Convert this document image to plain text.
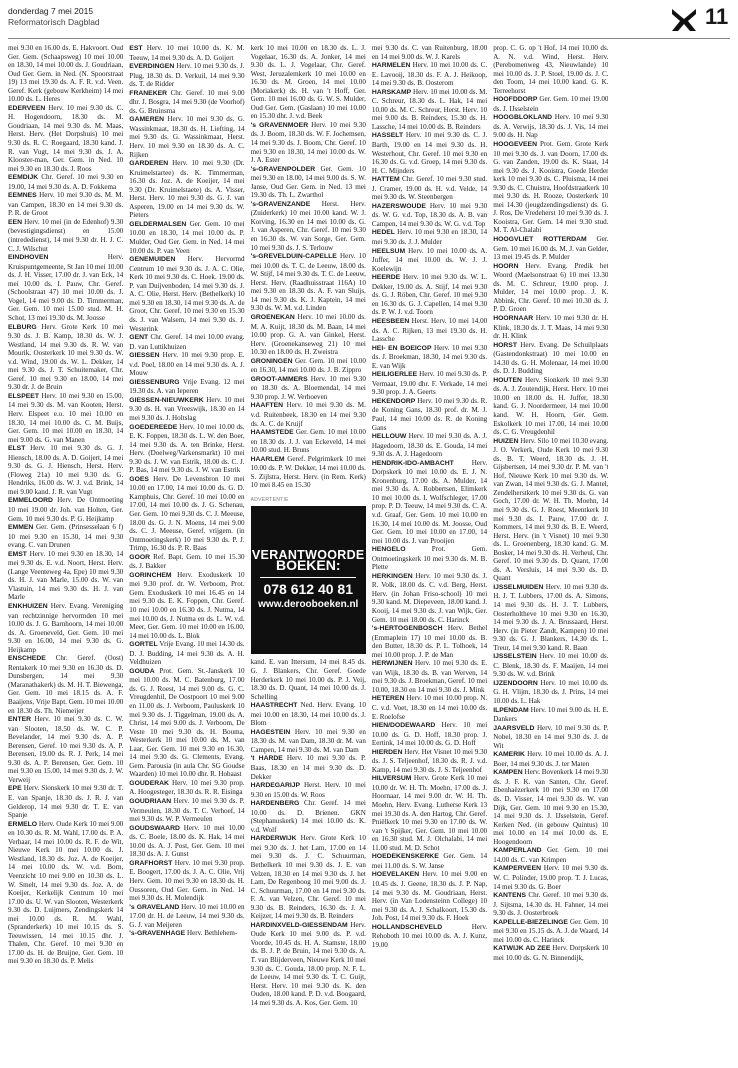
donderdag 7 mei 2015
Reformatorisch Dagblad	11

mei 9.30 en 16.00 ds. E. Hakvoort. Oud Ger. Gem. (Schaapsweg) 10 mei 10.00 en 18.30, 14 mei 10.00 ds. J. Goudriaan, Oud Ger. Gem. in Ned. (N. Spoorstraat 19) 13 mei 19.30 ds. A. F. R. v.d. Veen. Geref. Kerk (gebouw Kerkheim) 14 mei 10.00 ds. L. Heres

EDERVEEN Herv. 10 mei 9.30 ds. C. H. Hogendoorn, 18.30 ds. M. Goudriaan, 14 mei 9.30 ds. M. Maas, Herst. Herv. (Het Dorpshuis) 10 mei 9.30 ds. R. C. Roegaard, 18.30 kand. J. R. van Vugt, 14 mei 9.30 ds. J. A. Klooster-man, Ger. Gem. in Ned. 10 mei 9.30 en 18.30 ds. J. Roos

EEMDIJK Chr. Geref. 10 mei 9.30 en 19.00, 14 mei 9.30 ds. A. D. Fokkema

EEMNES Herv. 10 mei 9.30 ds. M. M. van Campen, 18.30 en 14 mei 9.30 ds. P. R. de Groot

EEN Herv. 10 mei (in de Edenhof) 9.30 (bevestigingsdienst) en 15.00 (intrededienst), 14 mei 9.30 dr. H. J. C. C. J. Wilschut

EINDHOVEN	Herv. Kruispuntgemeente, St Jan 10 mei 10.00 ds. J. H. Visser, 17.00 dr. J. van Eck, 14 mei 10.00 ds. I. Pauw, Chr. Geref. (Schoolstraat 47) 10 mei 10.00 ds. J. Vogel, 14 mei 9.00 ds. D. Timmerman, Ger. Gem. 10 mei 15.00 stud. M. H. Schot, 13 mei 19.30 ds. M. Joosse

ELBURG Herv. Grote Kerk 10 mei 9.30 ds. J. B. Kamp, 18.30 ds. W. J. Westland, 14 mei 9.30 ds. R. W. van Mourik, Oosterkerk 10 mei 9.30 ds. W. v.d. Wind, 19.00 ds. W. L. Dekker, 14 mei 9.30 ds. J. T. Schuitemaker, Chr. Geref. 10 mei 9.30 en 18.00, 14 mei 9.30 dr. J. de Bruin

ELSPEET Herv. 10 mei 9.30 en 15.00, 14 mei 9.30 ds. M. van Kooten, Herst. Herv. Elspeet e.o. 10 mei 10.00 en 18.30, 14 mei 10.00 ds. C. M. Buijs, Ger. Gem. 10 mei 10.00 en 18.30, 14 mei 9.00 ds. G. van Manen

ELST Herv. 10 mei 9.30 ds. G. J. Hiensch, 18.00 ds. A. D. Goijert, 14 mei 9.30 ds. G. J. Hiensch, Herst. Herv. (Floweg 21a) 10 mei 9.30 ds. G. Hendriks, 16.00 ds. W. J. v.d. Brink, 14 mei 9.00 kand. J. R. van Vugt

EMMELOORD Herv. De Ontmoeting 10 mei 19.00 dr. Joh. van Holten, Ger. Gem. 10 mei 9.30 ds. P. G. Heijkamp

EMMEN Ger. Gem. (Prinsesselaan 6 f) 10 mei 9.30 en 15.30, 14 mei 9.30 evang. C. van Drunen

EMST Herv. 10 mei 9.30 en 18.30, 14 mei 9.30 ds. E. v.d. Noort, Herst. Herv. (Lange Veenteweg 4a, Epe) 10 mei 9.30 ds. H. J. van Marle, 15.00 ds. W. van Vlastuin, 14 mei 9.30 ds. H. J. van Marle

ENKHUIZEN Herv. Evang. Vereniging van rechtzinnige hervormden 10 mei 10.00 ds. J. G. Barnhoorn, 14 mei 10.00 ds. A. Groeneveld, Ger. Gem. 10 mei 9.30 en 16.00, 14 mei 9.30 ds. G. Heijkamp

ENSCHEDE Chr. Geref. (Oost) Rentakerk 10 mei 9.30 en 16.30 ds. D. Dunsbergen, 14 mei 9.30 (Maranathakerk) ds. M. H. T. Biewenga, Ger. Gem. 10 mei 18.15 ds. A. F. Baaijens, Vrije Bapt. Gem. 10 mei 10.00 en 18.30 ds. Th. Niemeijer

ENTER Herv. 10 mei 9.30 ds. C. W. van Slooten, 18.50 ds. W. C. P. Bevelander, 14 mei 9.30 ds. A. P. Berensen, Geref. 10 mei 9.30 ds. A. P. Berensen, 19.00 ds. R. J. Perk, 14 mei 9.30 ds. A. P. Berensen, Ger. Gem. 10 mei 9.30 en 15.00, 14 mei 9.30 ds. J. W. Verweij

EPE Herv. Sionskerk 10 mei 9.30 dr. T. E. van Spanje, 18.30 ds. J. R. J. van Gelderop, 14 mei 9.30 dr. T. E. van Spanje

ERMELO Herv. Oude Kerk 10 mei 9.00 en 10.30 ds. R. M. Wahl, 17.00 ds. P. A. Verhaar, 14 mei 10.00 ds. R. F. de Wit, Nieuwe Kerk 10 mei 10.00 ds. J. Westland, 18.30 ds. Joz. A. de Koeijer, 14 mei 10.00 ds. W. v.d. Born, Veenzicht 10 mei 9.00 en 10.30 ds. L. W. Smelt, 14 mei 9.30 ds. Joz. A. de Koeijer, Kerkelijk Centrum 10 mei 17.00 ds. U. W. van Slooten, Westerkerk 9.30 ds. D. Luijmers, Zendingskerk 14 mei 10.00 ds. R. M. Wahl, (Spranderkerk) 10 mei 10.15 ds. S. Teeuwissen, 14 mei 10.15 dhr. J. Thalen, Chr. Geref. 10 mei 9.30 en 17.00 ds. H. de Bruijne, Ger. Gem. 10 mei 9.30 en 18.30 ds. P. Melis

EST Herv. 10 mei 10.00 ds. K. M. Teeuw, 14 mei 9.30 ds. A. D. Goijert

EVERDINGEN Herv. 10 mei 9.30 ds. J. Plug, 18.30 ds. D. Verkuil, 14 mei 9.30 ds. T. de Ridder

FRANEKER Chr. Geref. 10 mei 9.00 dhr. J. Bosgra, 14 mei 9.30 (de Voorhof) ds. G. Bruinsma

GAMEREN Herv. 10 mei 9.30 ds. G. Wassinkmaat, 18.30 ds. H. Liefting, 14 mei 9.30 ds. G. Wassinkmaat, Herst. Herv. 10 mei 9.30 en 18.30 ds. A. C. Rijken

GARDEREN Herv. 10 mei 9.30 (Dr. Kruimelstartee) ds. K. Timmerman, 16.30 ds. Joz. A. de Koeijer, 14 mei 9.30 (Dr. Kruimelstaete) ds. A. Visser, Herst. Herv. 10 mei 9.30 ds. G. J. van Asperen, 19.00 en 14 mei 9.30 ds. W. Pieters

GELDERMALSEN Ger. Gem. 10 mei 10.00 en 18.30, 14 mei 10.00 ds. P. Mulder, Oud Ger. Gem. in Ned. 14 mei 10.00 ds. P. van Veen

GENEMUIDEN Herv. Hervormd Centrum 10 mei 9.30 ds. J. A. C. Olie, Kerk 10 mei 9.30 ds. C. Hoek. 19.00 ds. P. van Duijvenboden, 14 mei 9.30 ds. J. A. C. Olie, Herst. Herv. (Bethelkerk) 10 mei 9.30 en 18.30, 14 mei 9.30 ds. A. de Groot, Chr. Geref. 10 mei 9.30 en 15.30 ds. J. van Walsem, 14 mei 9.30 ds. J. Westerink

GENT Chr. Geref. 14 mei 10.00 evang. D. van Luttikhuizen

GIESSEN Herv. 10 mei 9.30 prop. E. v.d. Poel, 18.00 en 14 mei 9.30 ds. A. J. Mouw

GIESSENBURG Vrije Evang. 12 mei 19.30 ds. A. van Ieperen

GIESSEN-NIEUWKERK Herv. 10 mei 9.30 ds. H. van Vreeswijk, 18.30 en 14 mei 9.30 ds. J. Holtslag

GOEDEREEDE Herv. 10 mei 10.00 ds. E. K. Foppen, 18.30 ds. L. W. den Boer, 14 mei 9.30 ds. A. ten Brinke, Herst. Herv. (Doelweg/Varkensmarkt) 10 mei 9.30 ds. J. W. van Estrik, 18.00 ds. C. J. P. Bas, 14 mei 9.30 ds. J. W. van Estrik

GOES Herv. De Levensbron 10 mei 10.00 en 17.00, 14 mei 10.00 ds. G. D. Kamphuis, Chr. Geref. 10 mei 10.00 en 17.00, 14 mei 10.00 ds. J. G. Schenau, Ger. Gem. 10 mei 9.30 ds. C. J. Meeuse, 18.00 ds. G. J. N. Moens, 14 mei 9.00 ds. C. J. Meeuse, Geref. vrijgem. (in Ontmoetingskerk) 10 mei 9.30 ds. P. J. Trimp, 16.30 ds. P. R. Baas

GOOR Ref. Bapt. Gem. 10 mei 15.30 ds. J. Bakker

GORINCHEM Herv. Exoduskerk 10 mei 9.30 prof. dr. W. Verboom, Prot. Gem. Exoduskerk 10 mei 16.45 en 14 mei 9.30 ds. E. K. Foppen, Chr. Geref. 10 mei 10.00 en 16.30 ds. J. Nutma, 14 mei 10.00 ds. J. Nutma en ds. L. W. v.d. Meer, Ger. Gem. 10 mei 10.00 en 16.00, 14 mei 10.00 ds. L. Blok

GORTEL Vrije Evang. 10 mei 14.30 ds. D. J. Budding, 14 mei 9.30 ds. A. H. Veldhuizen

GOUDA Prot. Gem. St.-Janskerk 10 mei 10.00 ds. M. C. Batenburg, 17.00 ds. G. J. Roest, 14 mei 9.00 ds. G. C. Vreugdenhil, De Oostpoort 10 mei 9.00 en 11.00 ds. J. Verboom, Pauluskerk 10 mei 9.30 ds. J. Tiggelman, 19.00 ds. A. Christ, 14 mei 9.00 ds. J. Verboom, De Veste 10 mei 9.30 ds. H. Bouma, Westerkerk 10 mei 10.00 ds. M. van Laar, Ger. Gem. 10 mei 9.30 en 16.30, 14 mei 9.30 ds. G. Clements, Evang. Gem. Parousia (in aula Chr. SG Goudse Waarden) 10 mei 10.00 dhr. R. Hobaast

GOUDERAK Herv. 10 mei 9.30 prop. A. Hoogesteger, 18.30 ds. R. R. Eisinga

GOUDRIAAN Herv. 10 mei 9.30 ds. P. Vermeulen, 18.30 ds. T. C. Verhoef, 14 mei 9.30 ds. W. P. Vermeulen

GOUDSWAARD Herv. 10 mei 10.00 ds. C. Boele, 18.00 ds. K. Hak, 14 mei 10.00 ds. A. J. Post, Ger. Gem. 10 mei 18.30 ds. A. J. Gunst

GRAFHORST Herv. 10 mei 9.30 prop. E. Boogert, 17.00 ds. J. A. C. Olie, Vrij Herv. Gem. 10 mei 9.30 en 18.30 ds. H. Oussoren, Oud Ger. Gem. in Ned. 14 mei 9.30 ds. H. Molendijk

's GRAVELAND Herv. 10 mei 10.00 en 17.00 dr. H. de Leeuw, 14 mei 9.30 ds. G. J. van Meijeren

's-GRAVENHAGE Herv. Bethlehem-

kerk 10 mei 10.00 en 18.30 ds. L. J. Vogelaar, 16.30 ds. A. Jonker, 14 mei 9.30 ds. L. J. Vogelaar, Chr. Geref. West, Jeruzalemkerk 10 mei 10.00 en 16.30 ds. M. Groen, 14 mei 10.00 (Moriakerk) ds. H. van 't Hoff, Ger. Gem. 10 mei 16.00 ds. G. W. S. Mulder, Oud Ger. Gem. (Gaslaan) 10 mei 10.00 en 15.30 dhr. J. v.d. Beek

's GRAVENMOER Herv. 10 mei 9.30 ds. J. Boom, 18.30 ds. W. F. Jochemsen, 14 mei 9.30 ds. J. Boom, Chr. Geref. 10 mei 9.30 en 18.30, 14 mei 10.00 ds. W. J. A. Ester

's-GRAVENPOLDER Ger. Gem. 10 mei 9.30 en 18.00, 14 mei 9.00 ds. S. W. Janse, Oud Ger. Gem. in Ned. 13 mei 19.30 ds. Th. L. Zwarthol

's-GRAVENZANDE Herst. Herv. (Zuiderkerk) 10 mei 10.00 kand. W. J. Korving, 16.30 en 14 mei 10.00 ds. G. J. van Asperen, Chr. Geref. 10 mei 9.30 en 16.30 ds. W. van Sorge, Ger. Gem. 10 mei 9.30 ds. J. S. Terlouw

's-GREVELDUIN-CAPELLE Herv. 10 mei 10.00 ds. T. C. de Leeuw, 18.00 ds. W. Stijf, 14 mei 9.30 ds. T. C. de Leeuw, Herst. Herv. (Raadhuisstraat 116A) 10 mei 9.30 en 18.30 ds. A. F. van Sluijs, 14 mei 9.30 ds. K. J. Kaptein, 14 mei 9.30 ds. W. M. v.d. Linden

GROENEKAN Herv. 10 mei 10.00 ds. M. A. Kuijt, 18.30 ds. M. Baan, 14 mei 10.00 prop. G. A. van Ginkel, Herst. Herv. (Groenekanseweg 21) 10 mei 10.30 en 18.00 ds. H. Zweistra

GRONINGEN Ger. Gem. 10 mei 10.00 en 16.30, 14 mei 10.00 ds. J. B. Zippro

GROOT-AMMERS Herv. 10 mei 9.30 en 18.30 ds. A. Bloemendal, 14 mei 9.30 prop. J. W. Verhoeven

HAAFTEN Herv. 10 mei 9.30 ds. M. v.d. Ruitenbeek, 18.30 en 14 mei 9.30 ds. A. C. de Kruijf

HAAMSTEDE Ger. Gem. 10 mei 10.00 en 18.30 ds. J. J. van Eckeveld, 14 mei 10.00 stud. H. Bruns

HAARLEM Geref. Pelgrimkerk 10 mei 10.00 ds. P. W. Dekker, 14 mei 10.00 ds. S. Zijlstra, Herst. Herv. (in Rem. Kerk) 10 mei 8.45 en 15.30

ADVERTENTIE
VERANTWOORDE
BOEKEN:
078 612 40 81
www.derooboeken.nl

kand. E. van Ittersum, 14 mei 8.45 ds. G. J. Blankers, Chr. Geref. Goede Herderkerk 10 mei 10.00 ds. P. J. Veij, 18.30 ds. D. Quant, 14 mei 10.00 ds. J. Schelling

HAASTRECHT Ned. Herv. Evang. 10 mei 10.00 en 18.30, 14 mei 10.00 ds. J. Blom

HAGESTEIN Herv. 10 mei 9.30 en 18.30 ds. M. van Dam, 18.30 dr. M. van Campen, 14 mei 9.30 ds. M. van Dam

't HARDE Herv. 10 mei 9.30 ds. P. Baas, 18.30 en 14 mei 9.30 ds. D. Dekker

HARDEGARIJP Herst. Herv. 10 mei 9.30 en 15.00 ds. W. Roos

HARDENBERG Chr. Geref. 14 mei 10.00 ds. D. Brienen. GKN (Stephanuskerk) 14 mei 10.00 ds. K. v.d. Wolf

HARDERWIJK Herv. Grote Kerk 10 mei 9.30 ds. J. het Lam, 17.00 en 14 mei 9.30 ds. J. C. Schuurman, Bethelkerk 10 mei 9.30 ds. J. E. van Velzen, 18.30 en 14 mei 9.30 ds. J. het Lam, De Regenboog 10 mei 9.00 ds. J. C. Schuurman, 17.00 en 14 mei 9.30 ds. F. A. van Velzen, Chr. Geref. 10 mei 9.30 ds. B. Reinders, 16.30 ds. J. A. Keijzer, 14 mei 9.30 ds. B. Reinders

HARDINXVELD-GIESSENDAM Herv. Oude Kerk 10 mei 9.00 ds. P. v.d. Voorde, 10.45 ds. H. A. Stamste, 18.00 ds. B. J. P. de Bruin, 14 mei 9.30 ds. A. T. van Blijderveen, Nieuwe Kerk 10 mei 9.30 ds. C. Gouda, 18.00 prop. N. F. L. de Leeuw, 14 mei 9.30 ds. T. C. Guijt, Herst. Herv. 10 mei 9.30 ds. K. den Ouden, 18.00 kand. P. D. v.d. Boogaard, 14 mei 9.30 ds. A. Kos, Ger. Gem. 10

mei 9.30 ds. C. van Ruitenburg, 18.00 en 14 mei 9.00 ds. W. J. Karels

HARMELEN Herv. 10 mei 10.00 ds. C. E. Lavooij, 18.30 ds. F. A. J. Heikoop, 14 mei 9.30 ds. B. Oosterom

HARSKAMP Herv. 10 mei 10.00 ds. M. C. Schreur, 18.30 ds. L. Hak, 14 mei 10.00 ds. M. C. Schreur, Herst. Herv. 10 mei 9.00 ds. B. Reinders, 15.30 ds. H. Lassche, 14 mei 10.00 ds. B. Reinders

HASSELT Herv. 10 mei 9.30 ds. C. J. Barth, 19.00 en 14 mei 9.30 ds. H. Westerhout, Chr. Geref. 10 mei 9.30 en 16.30 ds. G. v.d. Groep, 14 mei 9.30 ds. H. C. Mijnders

HATTEM Chr. Geref. 10 mei 9.30 stud. J. Cramer, 19.00 ds. H. v.d. Velde, 14 mei 9.30 ds. W. Steenbergen

HAZERSWOUDE Herv. 10 mei 9.30 ds. W. G. v.d. Top, 18.30 ds. A. B. van Campen, 14 mei 9.30 ds. W. G. v.d. Top

HEDEL Herv. 10 mei 9.30 en 18.30, 14 mei 9.30 ds. J. J. Mulder

HEELSUM Herv. 10 mei 10.00 ds. A. Juffer, 14 mei 10.00 ds. W. J. J. Koelewijn

HEERDE Herv. 10 mei 9.30 ds. W. L. Dekker, 19.00 ds. A. Stijf, 14 mei 9.30 ds. G. J. Röben, Chr. Geref. 10 mei 9.30 en 16.30 ds. G. J. Capellen, 14 mei 9.30 ds. P. W. J. v.d. Toorn

HEESBEEN Herst. Herv. 10 mei 14.00 ds. A. C. Rijken, 13 mei 19.30 ds. H. Lassche

HEI- EN BOEICOP Herv. 10 mei 9.30 ds. J. Broekman, 18.30, 14 mei 9.30 ds. E. van Wijk

HEILIGERLEE Herv. 10 mei 9.30 ds. P. Vermaat, 19.00 dhr. F. Verkade, 14 mei 9.30 prop. J. A. Geerts

HEKENDORP Herv. 10 mei 9.30 ds. R. de Koning Gans, 18.30 prof. dr. M. J. Paul, 14 mei 10.00 ds. R. de Koning Gans

HELLOUW Herv. 10 mei 9.30 ds. A. J. Hagedoorn, 18.30 ds. E. Gouda, 14 mei 9.30 ds. A. J. Hagedoorn

HENDRIK-IDO-AMBACHT	Herv. Dorpskerk 10 mei 10.00 ds. E. J. N. Kronenburg, 17.00 ds. A. Mulder, 14 mei 9.30 ds. A. Robbertsen, Elimkerk 10 mei 10.00 ds. I. Wolfschleger, 17.00 prop. P. D. Teeuw, 14 mei 9.30 ds. C. A. v.d. Graaf, Ger. Gem. 10 mei 10.00 en 16.30, 14 mei 10.00 ds. M. Joosse, Oud Ger. Gem. 10 mei 10.00 en 17.00, 14 mei 10.00 ds. J. van Prooijen

HENGELO	Prot. Gem. Ontmoetingskerk 10 mei 9.30 ds. M. B. Plette

HERKINGEN Herv. 10 mei 9.30 ds. J. R. Volk, 18.00 ds. C. v.d. Berg, Herst. Herv. (in Johan Friso-school) 10 mei 9.30 kand. M. Diepeveen, 18.00 kand. J. Kooij, 14 mei 9.30 ds. J. van Wijk, Ger. Gem. 10 mei 18.00 ds. C. Harinck

's-HERTOGENBOSCH Herv. Bethel (Emmaplein 17) 10 mei 10.00 ds. B. den Butter, 18.30 ds. P. L. Tolhoek, 14 mei 10.00 prop. J. P. de Man

HERWIJNEN Herv. 10 mei 9.30 ds. E. van Wijk, 18.30 ds. B. van Werven, 14 mei 9.30 ds. J. Broekman, Geref. 10 mei 10.00, 18.30 en 14 mei 9.30 ds. J. Mink

HETEREN Herv. 10 mei 10.00 prop. N. C. v.d. Voet, 18.30 en 14 mei 10.00 ds. E. Roelofse

HIEN/DODEWAARD Herv. 10 mei 10.00 ds. G. D. Hoff, 18.30 prop. J. Eertink, 14 mei 10.00 ds. G. D. Hoff

HIERDEN Herv. Het Visnet 10 mei 9.30 ds. J. S. Teljeenhof, 18.30 ds. R. J. v.d. Kamp, 14 mei 9.30 ds. J. S. Teljeenhof

HILVERSUM Herv. Grote Kerk 10 mei 10.00 dr. W. H. Th. Moehn, 17.00 ds. J. Hoornaar, 14 mei 9.00 dr. W. H. Th. Moehn, Herv. Evang. Lutherse Kerk 13 mei 19.30 ds. A. den Hartog, Chr. Geref. Pniëlkerk 10 mei 9.30 en 17.00 ds. W. van 't Spijker, Ger. Gem. 10 mei 10.00 en 16.30 stud. M. J. Olchalabi, 14 mei 11.00 stud. M. D. Schot

HOEDEKENSKERKE Ger. Gem. 14 mei 11.00 ds. S. W. Janse

HOEVELAKEN Herv. 10 mei 9.00 en 10.45 ds. J. Geene, 18.30 ds. J. P. Nap, 14 mei 9.30 ds. M. Goudriaan, Herst. Herv. (in Van Lodensteinn College) 10 mei 9.30 ds. A. J. Schalkoort, 15.30 ds. Joh. Post, 14 mei 9.30 ds. F. Hoek

HOLLANDSCHEVELD	Herv. Rehoboth 10 mei 10.00 ds. A. J. Kunz, 19.00

prop. C. G. op 't Hof, 14 mei 10.00 ds. A. N. v.d. Wind, Herst. Herv. (Perebomenweg 43, Nieuwlande) 10 mei 10.00 ds. J. P. Stoel, 19.00 ds. J. C. den Toom, 14 mei 10.00 kand. G. K. Terreehorst

HOOFDDORP Ger. Gem. 10 mei 19.00 ds. J. IJsselstein

HOOGBLOKLAND Herv. 10 mei 9.30 ds. A. Verwijs, 18.30 ds. J. Vis, 14 mei 9.00 ds. H. Nap

HOOGEVEEN Prot. Gem. Grote Kerk 10 mei 9.30 ds. J. van Doorn, 17.00 ds. G. van Zanden, 19.00 ds. K. Staat, 14 mei 9.30 ds. J. Kooistra, Goede Herder kerk 10 mei 9.30 ds. C. Pluisma, 14 mei 9.30 ds. C. Chuistra, Hoofdstraatkerk 10 mei 9.30 ds. H. Rooze, Oosterkerk 10 mei 14.30 (jeugdzendingsdienst) ds. G. J. Ros, De Vredeherst 10 mei 9.30 ds. J. Kooistra, Ger. Gem. 14 mei 9.30 stud. M. T. Al-Chalabi

HOOGVLIET ROTTERDAM Ger. Gem. 10 mei 16.00 ds. M. J. van Gelder, 13 mei 19.45 ds. P. Mulder

HOORN Herv. Evang. Predik het Woord (Maelsonstraat 6) 10 mei 13.30 ds. M. C. Schreur, 19.00 prop. J. Mulder, 14 mei 10.00 prop. J. K. Abbink, Chr. Geref. 10 mei 10.30 ds. J. P. D. Groen

HOORNAAR Herv. 10 mei 9.30 dr. H. Klink, 18.30 ds. J. T. Maas, 14 mei 9.30 dr. H. Klink

HORST Herv. Evang. De Schuilplaats (Gastendonkstraat) 10 mei 10.00 en 14.30 ds. G. H. Molenaar, 14 mei 10.00 ds. D. J. Budding

HOUTEN Herv. Sionkerk 10 mei 9.30 ds. A. J. Zoutendijk, Herst. Herv. 10 mei 10.00 en 18.00 ds. H. Juffer, 18.30 kand. G. J. Noordermeer, 14 mei 10.00 kand. W. H. Hoorn, Ger. Gem. Eskolkerk 10 mei 17.00, 14 mei 10.00 ds. C. G. Vreugdenhil

HUIZEN Herv. Silo 10 mei 10.30 evang. J. O. Verkerk, Oude Kerk 10 mei 9.30 ds. B. T. Weerd, 18.30 ds. J. H. Gijsbertsen, 14 mei 9.30 dr. P. M. van 't Hof, Nieuwe Kerk 10 mei 9.30 ds. W. van Zwan, 14 mei 9.30 ds. G. J. Mantel, Zendelherstkerk 10 mei 9.30 ds. G. van Goch, 17.00 dr. W. H. Th. Moehn, 14 mei 9.30 ds. G. J. Roest, Meentkerk 10 mei 9.30 ds. I. Pauw, 17.00 dr. J. Kommers, 14 mei 9.30 ds. B. E. Weerd, Herst. Herv. (in 't Visnet) 10 mei 9.30 ds. L. Groenenberg, 18.30 kand. G. M. Bosker, 14 mei 9.30 ds. H. Verheul, Chr. Geref. 10 mei 9.30 ds. D. Quant, 17.00 ds. A. Versluis, 14 mei 9.30 ds. D. Quant

IJSSELMUIDEN Herv. 10 mei 9.30 ds. H. J. T. Lubbers, 17.00 ds. A. Simons, 14 mei 9.30 ds. H. J. T. Lubbers, Oosterholtheve 10 mei 9.30 en 16.30, 14 mei 9.30 ds. J. A. Brussaard, Herst. Herv. (in Pieter Zandt, Kampen) 10 mei 9.30 ds. G. J. Blankers, 14.30 ds. L. Treur, 14 mei 9.30 kand. R. Baan

IJSSELSTEIN Herv. 10 mei 10.00 ds. C. Blenk, 18.30 ds. F. Maaijen, 14 mei 9.30 ds. W. v.d. Brink

IJZENDOORN Herv. 10 mei 10.00 ds. G. H. Vlijm, 18.30 ds. J. Prins, 14 mei 10.00 ds. L. Hak

ILPENDAM Herv. 10 mei 9.00 ds. H. E. Dankers

JAARSVELD Herv. 10 mei 9.30 ds. P. Nobel, 18.30 en 14 mei 9.30 ds. J. de Wit

KAMERIK Herv. 10 mei 10.00 ds. A. J. Boer, 14 mei 9.30 ds. J. ter Maten

KAMPEN Herv. Bovenkerk 14 mei 9.30 ds. J. F. K. van Santen, Chr. Geref. Ebenhaëzerkerk 10 mei 9.30 en 17.00 ds. D. Visser, 14 mei 9.30 ds. W. van Dijk, Ger. Gem. 10 mei 9.30 en 15.30, 14 mei 9.30 ds. J. IJsselstein, Geref. Kerken Ned. (in gebouw Quintus) 10 mei 10.00 en 14 mei 10.00 ds. E. Hoogendoorn

KAMPERLAND Ger. Gem. 10 mei 14.00 ds. C. van Krimpen

KAMPERVEEN Herv. 10 mei 9.30 ds. W. C. Polinder, 19.00 prop. T. J. Lucas, 14 mei 9.30 ds. G. Boer

KANTENS Chr. Geref. 10 mei 9.30 ds. J. Sijtsma, 14.30 ds. H. Fahner, 14 mei 9.30 ds. J. Oosterbroek

KAPELLE-BIEZELINGE Ger. Gem. 10 mei 9.30 en 15.15 ds. A. J. de Waard, 14 mei 10.00 ds. C. Harinck

KATWIJK AD ZEE Herv. Dorpskerk 10 mei 10.00 ds. G. N. Binnendijk,
